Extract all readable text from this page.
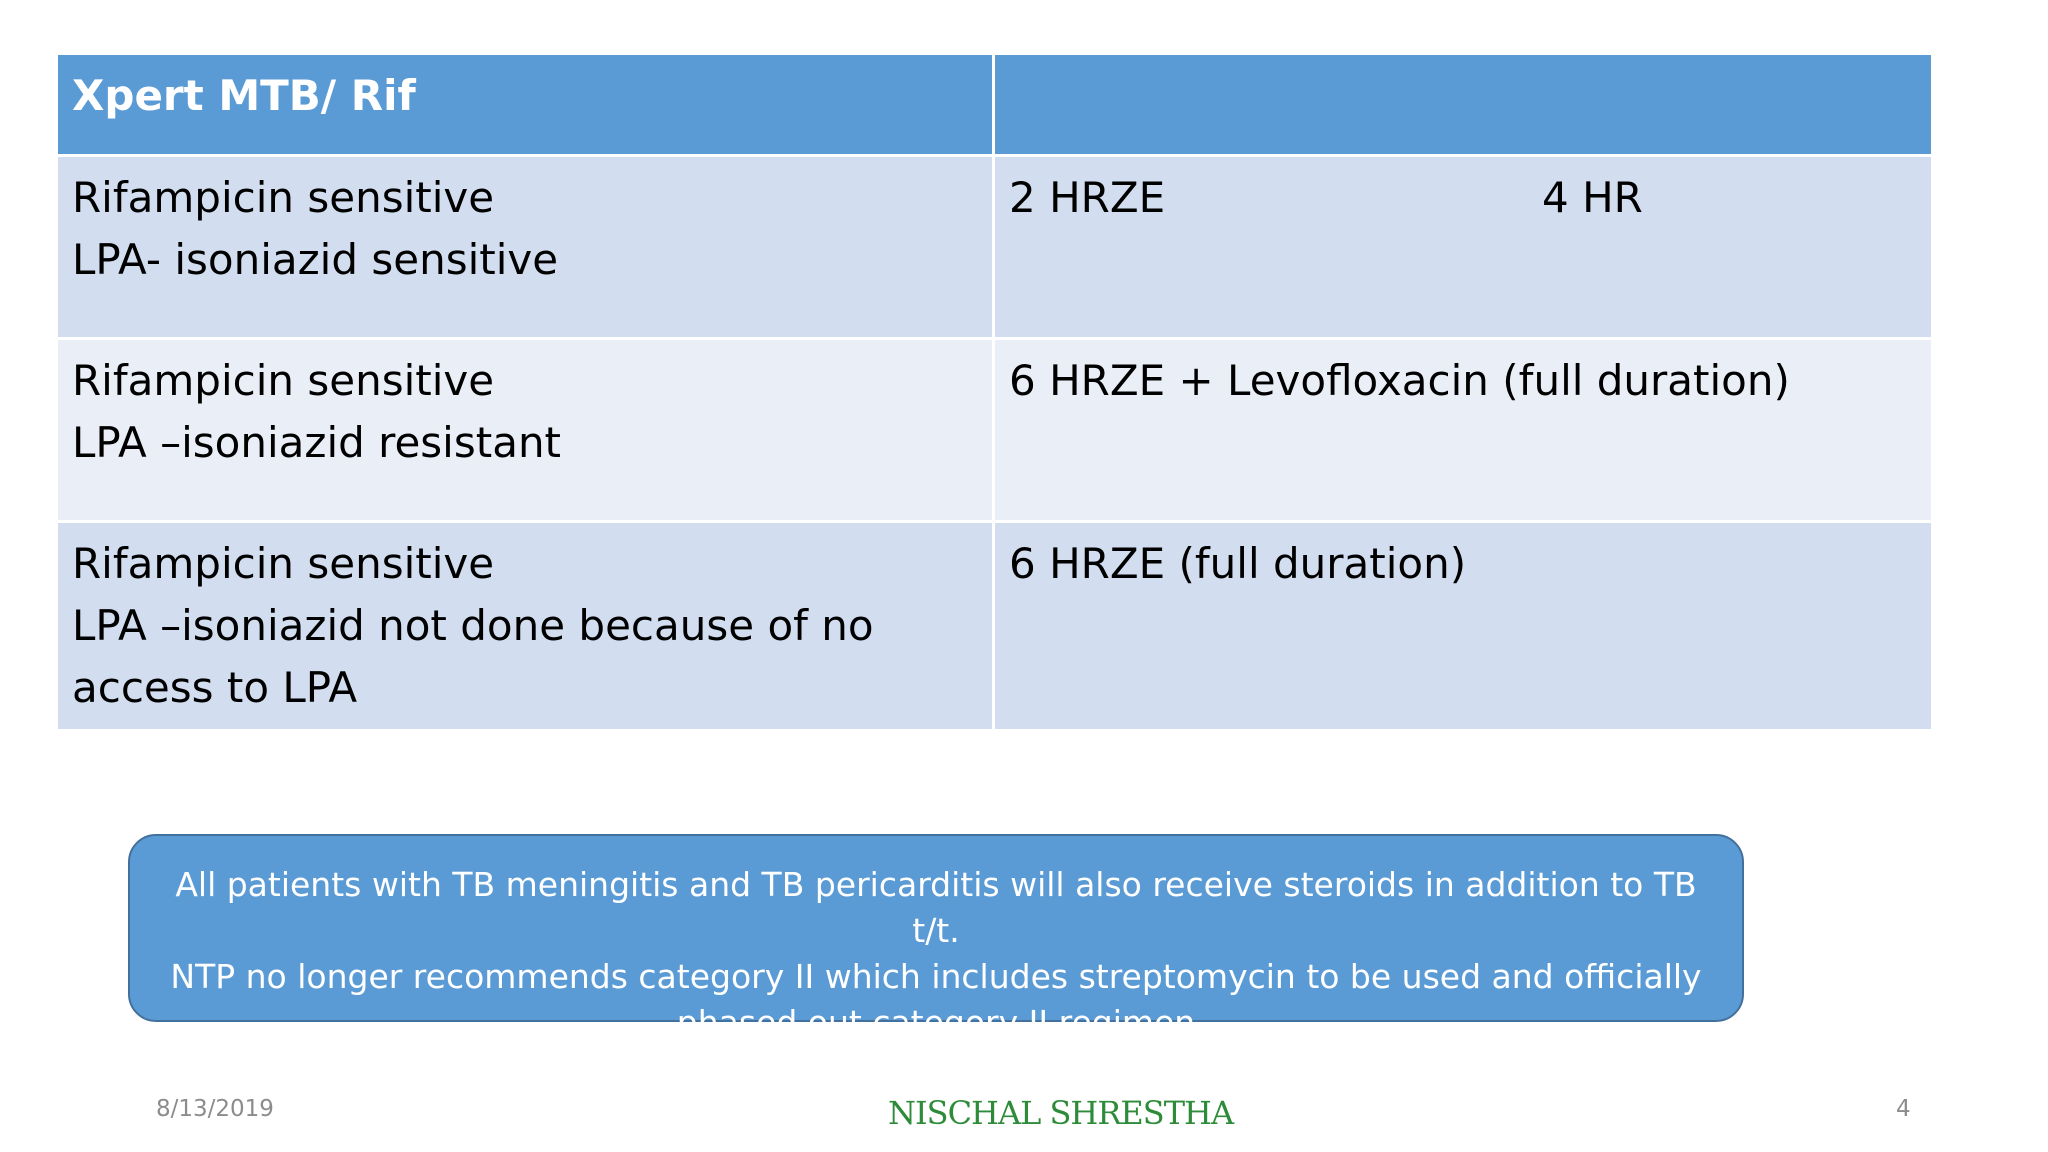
Xpert MTB/ Rif	

Rifampicin sensitive
LPA- isoniazid sensitive	2 HRZE 4 HR

Rifampicin sensitive
LPA –isoniazid resistant	6 HRZE + Levofloxacin (full duration)

Rifampicin sensitive
LPA –isoniazid not done because of no
access to LPA	6 HRZE (full duration)
All patients with TB meningitis and TB pericarditis will also receive steroids in addition to TB t/t.
NTP no longer recommends category II which includes streptomycin to be used and officially
phased out category II regimen
8/13/2019	NISCHAL SHRESTHA	4
